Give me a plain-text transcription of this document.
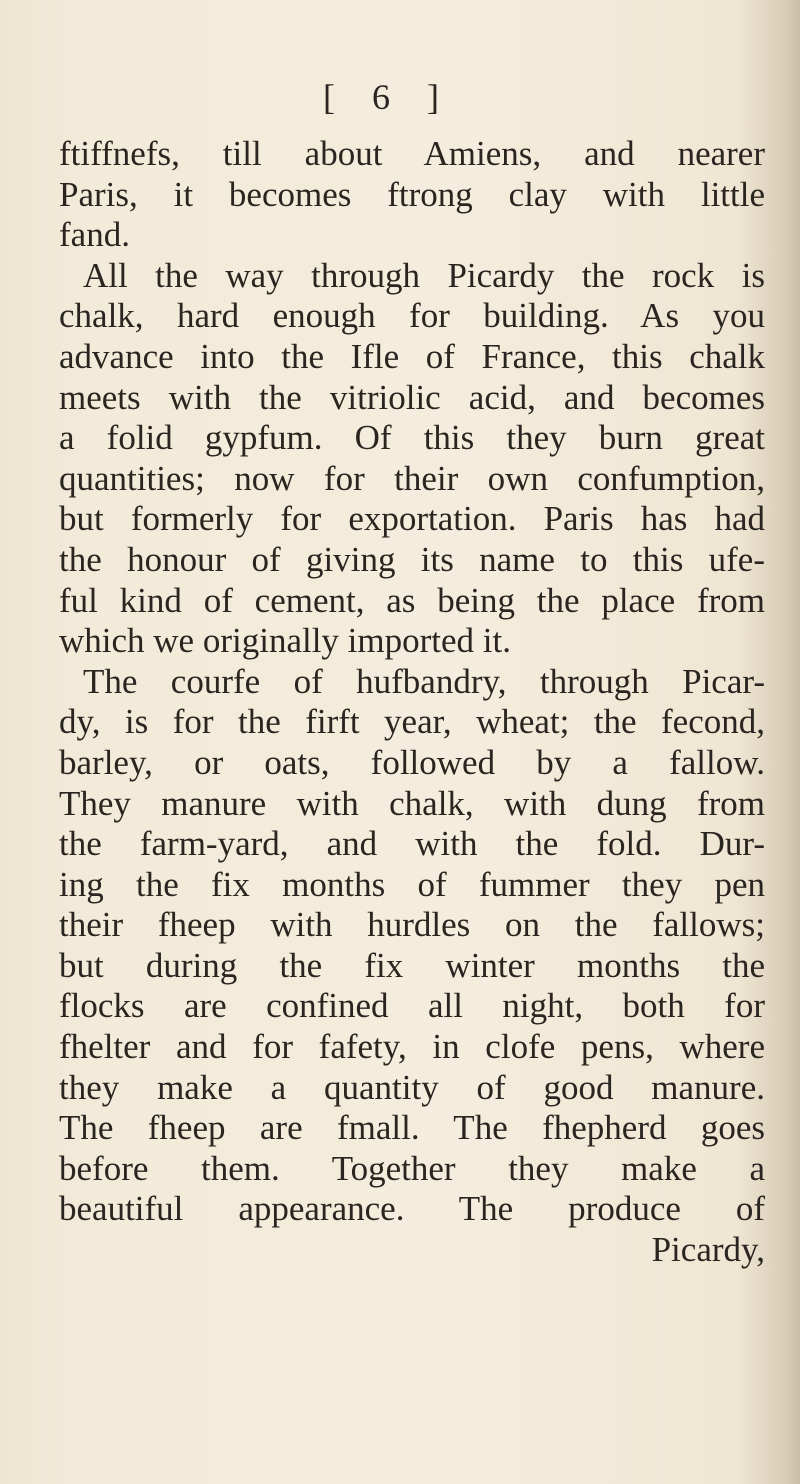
[ 6 ]
ftiffnefs, till about Amiens, and nearer
Paris, it becomes ftrong clay with little
fand.
All the way through Picardy the rock is
chalk, hard enough for building. As you
advance into the Ifle of France, this chalk
meets with the vitriolic acid, and becomes
a folid gypfum. Of this they burn great
quantities; now for their own confumption,
but formerly for exportation. Paris has had
the honour of giving its name to this ufe-
ful kind of cement, as being the place from
which we originally imported it.
The courfe of hufbandry, through Picar-
dy, is for the firft year, wheat; the fecond,
barley, or oats, followed by a fallow.
They manure with chalk, with dung from
the farm-yard, and with the fold. Dur-
ing the fix months of fummer they pen
their fheep with hurdles on the fallows;
but during the fix winter months the
flocks are confined all night, both for
fhelter and for fafety, in clofe pens, where
they make a quantity of good manure.
The fheep are fmall. The fhepherd goes
before them. Together they make a
beautiful appearance. The produce of
Picardy,
